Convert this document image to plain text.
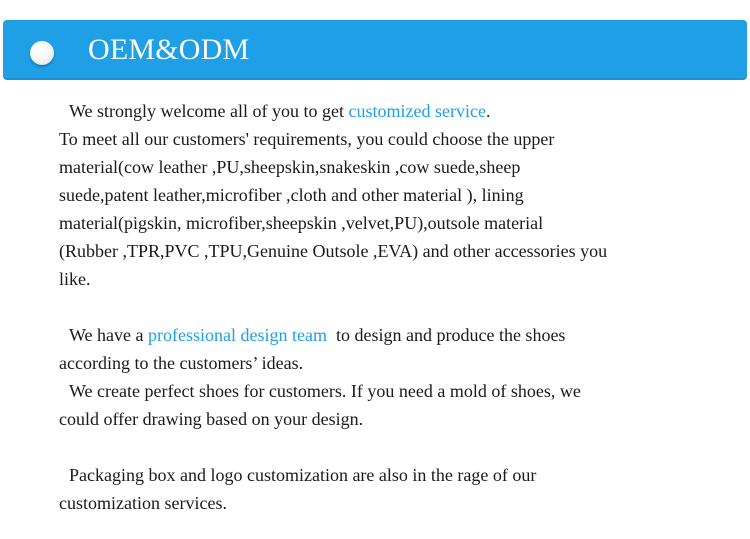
OEM&ODM
We strongly welcome all of you to get customized service.
To meet all our customers' requirements, you could choose the upper
material(cow leather ,PU,sheepskin,snakeskin ,cow suede,sheep
suede,patent leather,microfiber ,cloth and other material ), lining
material(pigskin, microfiber,sheepskin ,velvet,PU),outsole material
(Rubber ,TPR,PVC ,TPU,Genuine Outsole ,EVA) and other accessories you
like.
We have a professional design team  to design and produce the shoes
according to the customers’ ideas.
We create perfect shoes for customers. If you need a mold of shoes, we
could offer drawing based on your design.
Packaging box and logo customization are also in the rage of our
customization services.
